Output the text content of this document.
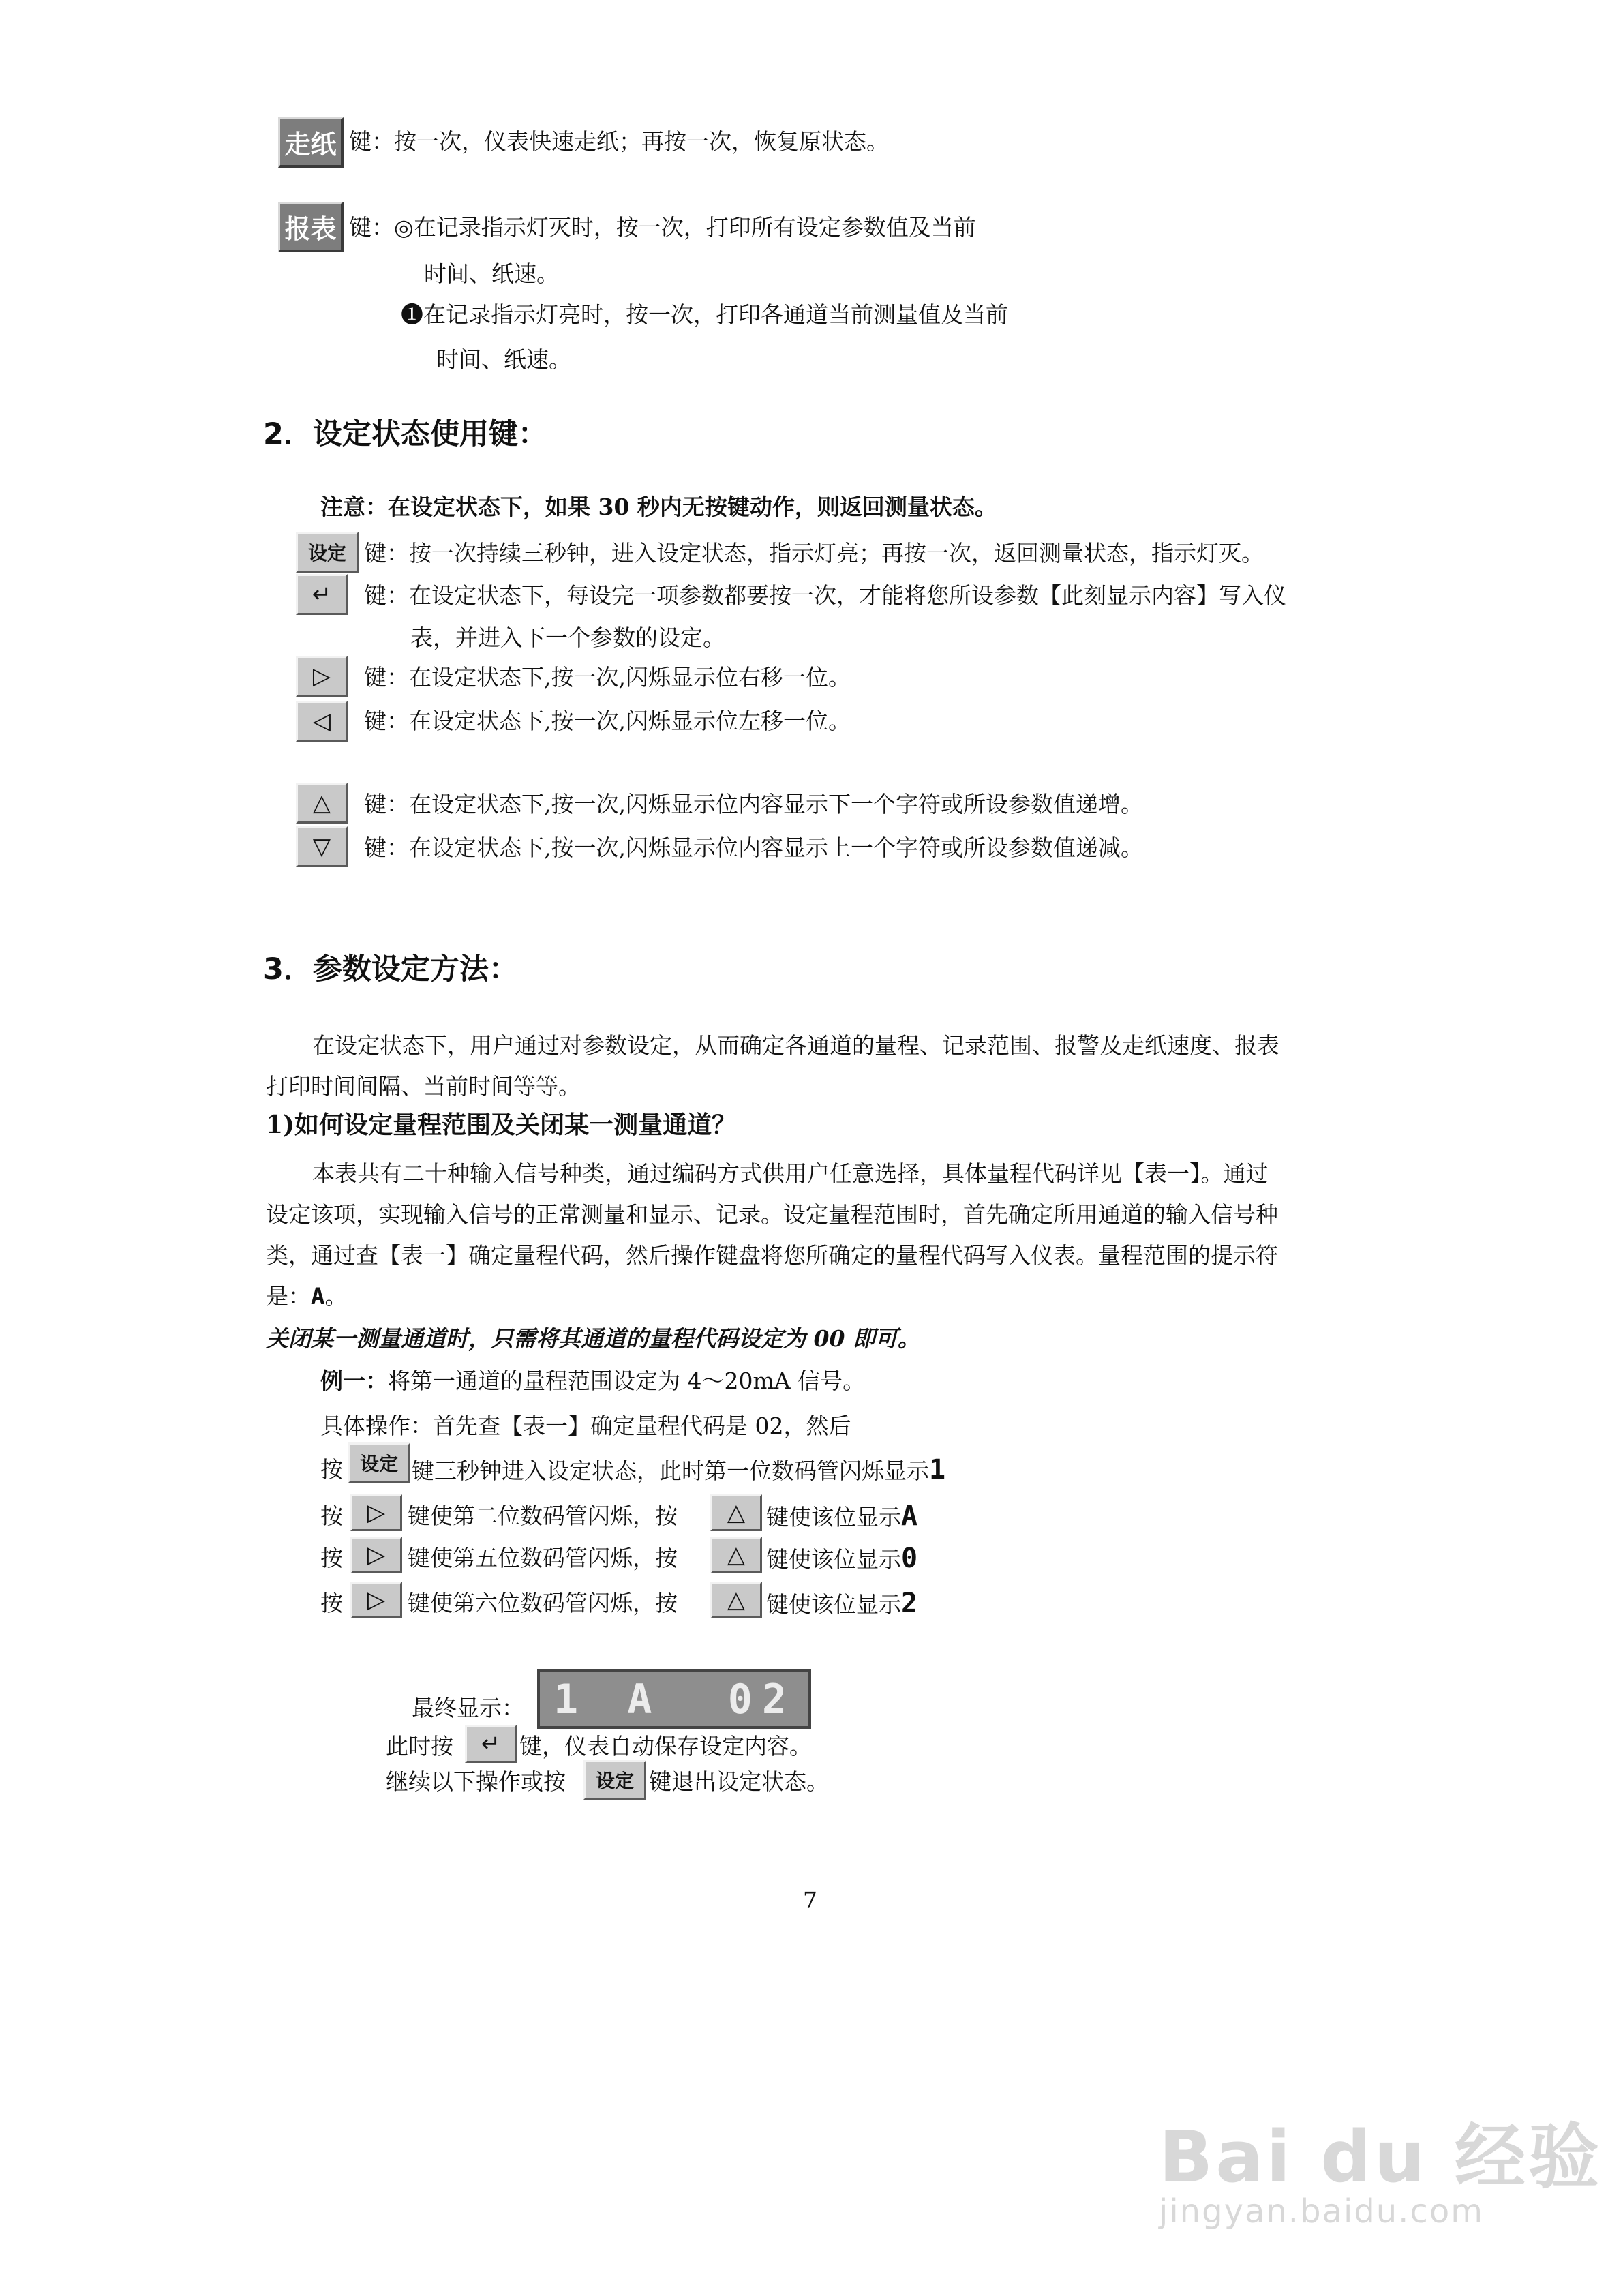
走纸 键：按一次，仪表快速走纸；再按一次，恢复原状态。
报表 键：◎在记录指示灯灭时，按一次，打印所有设定参数值及当前
时间、纸速。
❶在记录指示灯亮时，按一次，打印各通道当前测量值及当前
时间、纸速。
2．设定状态使用键：
注意：在设定状态下，如果 30 秒内无按键动作，则返回测量状态。
设定 键：按一次持续三秒钟，进入设定状态，指示灯亮；再按一次，返回测量状态，指示灯灭。
↵ 键：在设定状态下，每设完一项参数都要按一次，才能将您所设参数【此刻显示内容】写入仪
表，并进入下一个参数的设定。
▷ 键：在设定状态下,按一次,闪烁显示位右移一位。
◁ 键：在设定状态下,按一次,闪烁显示位左移一位。
△ 键：在设定状态下,按一次,闪烁显示位内容显示下一个字符或所设参数值递增。
▽ 键：在设定状态下,按一次,闪烁显示位内容显示上一个字符或所设参数值递减。
3．参数设定方法：
在设定状态下，用户通过对参数设定，从而确定各通道的量程、记录范围、报警及走纸速度、报表
打印时间间隔、当前时间等等。
1)如何设定量程范围及关闭某一测量通道？
本表共有二十种输入信号种类，通过编码方式供用户任意选择，具体量程代码详见【表一】。通过
设定该项，实现输入信号的正常测量和显示、记录。设定量程范围时，首先确定所用通道的输入信号种
类，通过查【表一】确定量程代码，然后操作键盘将您所确定的量程代码写入仪表。量程范围的提示符
是：A。
关闭某一测量通道时，只需将其通道的量程代码设定为 00 即可。
例一：将第一通道的量程范围设定为 4～20mA 信号。
具体操作：首先查【表一】确定量程代码是 02，然后
按 设定 键三秒钟进入设定状态，此时第一位数码管闪烁显示1
按 ▷ 键使第二位数码管闪烁，按 △ 键使该位显示A
按 ▷ 键使第五位数码管闪烁，按 △ 键使该位显示0
按 ▷ 键使第六位数码管闪烁，按 △ 键使该位显示2
最终显示： 1 A 02
此时按 ↵ 键，仪表自动保存设定内容。
继续以下操作或按	设定 键退出设定状态。
7
Bai du 经验
jingyan.baidu.com
